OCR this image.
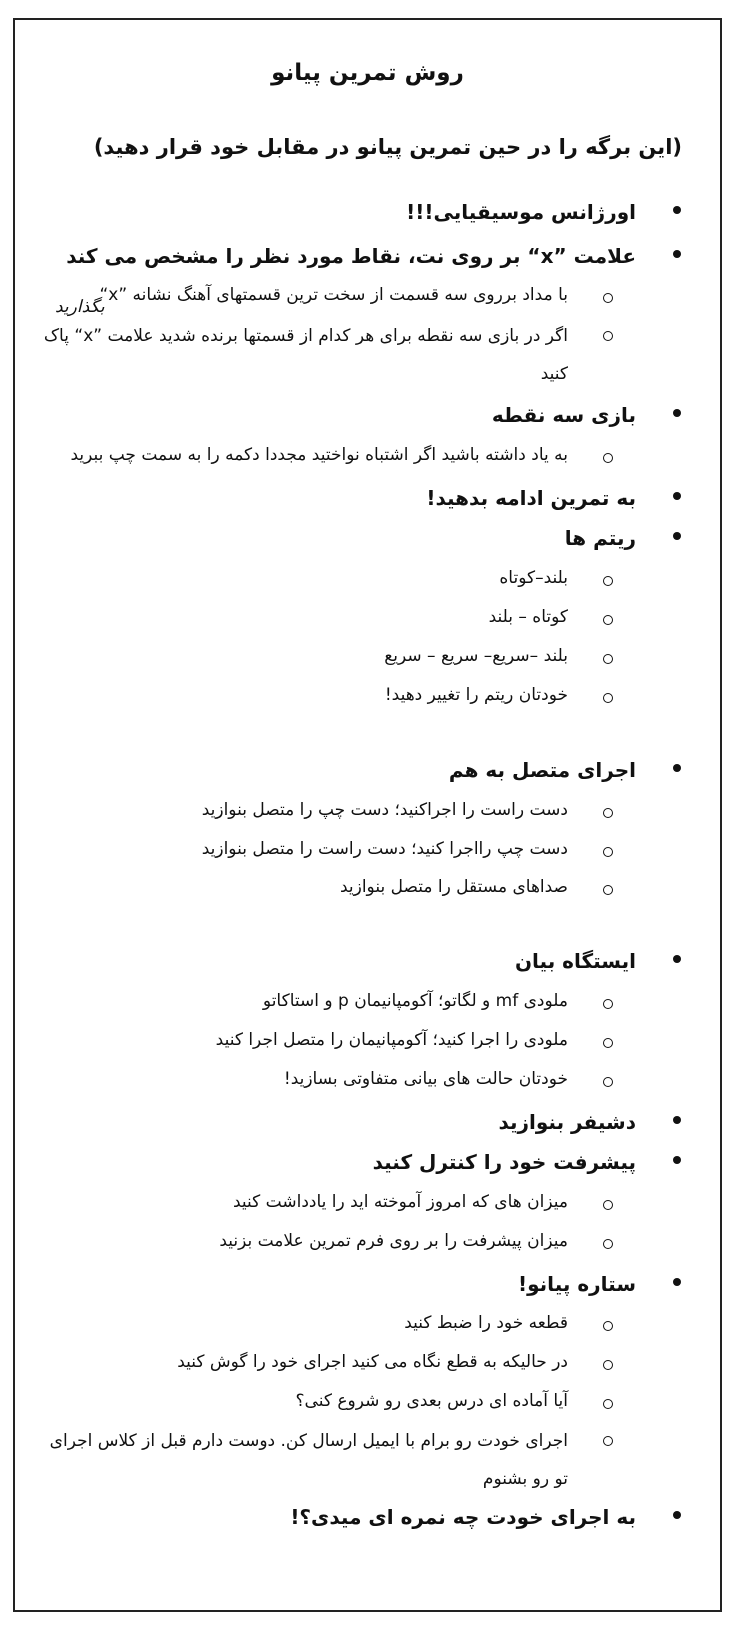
روش تمرین پیانو
(این برگه را در حین تمرین پیانو در مقابل خود قرار دهید)
اورژانس موسیقیایی!!!
علامت ”x“ بر روی نت، نقاط مورد نظر را مشخص می کند
با مداد برروی سه قسمت از سخت ترین قسمتهای آهنگ نشانه ”x“
بگذارید
اگر در بازی سه نقطه برای هر کدام از قسمتها برنده شدید علامت ”x“ پاک کنید
بازی سه نقطه
به یاد داشته باشید اگر اشتباه نواختید مجددا دکمه را به سمت چپ ببرید
به تمرین ادامه بدهید!
ریتم ها
بلند–کوتاه
کوتاه – بلند
بلند –سریع– سریع – سریع
خودتان ریتم را تغییر دهید!
اجرای متصل به هم
دست راست را اجراکنید؛ دست چپ را متصل بنوازید
دست چپ رااجرا کنید؛ دست راست را متصل بنوازید
صداهای مستقل را متصل بنوازید
ایستگاه بیان
ملودی mf و لگاتو؛ آکومپانیمان p و استاکاتو
ملودی را اجرا کنید؛ آکومپانیمان را متصل اجرا کنید
خودتان حالت های بیانی متفاوتی بسازید!
دشیفر بنوازید
پیشرفت خود را کنترل کنید
میزان های که امروز آموخته اید را یادداشت کنید
میزان پیشرفت را بر روی فرم تمرین علامت بزنید
ستاره پیانو!
قطعه خود را ضبط کنید
در حالیکه به قطع نگاه می کنید اجرای خود را گوش کنید
آیا آماده ای درس بعدی رو شروع کنی؟
اجرای خودت رو برام با ایمیل ارسال کن. دوست دارم قبل از کلاس اجرای تو رو بشنوم
به اجرای خودت چه نمره ای میدی؟!
